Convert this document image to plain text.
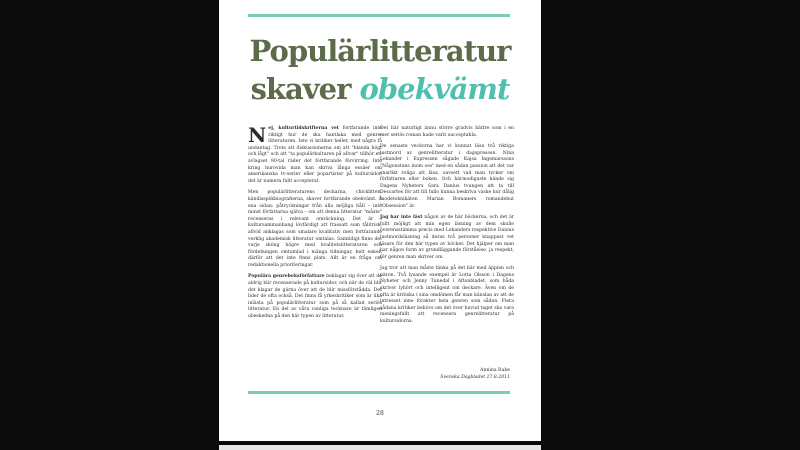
Populärlitteratur
skaver obekvämt

N ej, kulturtidskrifterna vet fortfarande inte riktigt hur de ska hantlaka med genre-litteraturen. Inte vi kritiker heller, med några få undantag. Trots att diskussionerna om att "blanda högt och lågt" och att "ta populärkulturen på allvar" tillhör ett avlagset 90-tal räder det fortfarande förvirring. Inte kring hurovida man kan skriva långa essäer om amerikanska tv-serier eller popartister på kultursidor, det är numera fullt accepterat.

Men populärlitteraturens deckarna, chicklitten, kändisspökbiografierna, skaver fortfarande obekvämt. Å ena sidan: påtryckningar från alla möjliga håll – inte minst författarna själva – om att denna litteratur "måste" recenseras i relevant omräckning. Det är i kultursammanhang lövfärdigt att frassatt som tålitrisk, allvid anklagas som smalare kvalitativ men fortfarande verklig akademisk litteratur omtalas. Samtidigt finns det varje sköng högre med kvalitetslitteraturen och fördelningen omtumlad i mänga tidningar, helt enkelt därför att det inte finns plats. Allt är en fråga om redaktionella prioriteringar.

Populära genreboksförfattare beklagar sig över att de aldrig blir recenserade på kultursidor, och när de väl blir det klagar de gärna över att de blir missförstådda. Det lider de ofta också. Det finns få yrkeskritiker som är lika inlästa på populärlitteratur som på så kallad seriös litteratur. En del av våra vanliga tecknare är tämligen obeskedna på den här typen av litteratur.

Det här naturligt ännu större gradvis bättre som i en mer seriös roman hade varit oacceptabla.

De senaste veckorna har vi kunnat läsa två riktiga lustmord av genrelitteratur i dagspressen. Nina Lekander i Expressen sågade Kajsa Ingemarssons "Någonstans inom oss" med en sådan passion att det var snarlikt roliga att läsa, oavsett vad man tycker om författaren eller boken. Och härmodigaste kände sig Dagens Nyheters Sara Danius tvungen att ta till Descartes för att till fullo kunna beskriva vaske hur dålig modetoknikäten Marian Bomaners romandebut "Obsession" är.

Jag har inte läst någon av de här böckerna, och det är fullt möjligt att min egen läsning av dem skulle överensstämma precis med Lekanders respektive Danius lustmordsläsning så deras två personer knappast vet läsare för den här typen av böcker. Det hjälper om man har någon form av grundläggande förståelse, ja respekt, för genren man skriver om.

Jag tror att man måste tänka på det här med äpplen och päron. Två lysande exempel är Lotta Olsson i Dagens Nyheter och Jenny Tunedal i Aftonbladet, som båda skriver lyhört och intelligent om deckare. Även om de ofta är kritiska i sina omdömen får man känslan av att de intresset inne förakter hela genren som sådan. Flera sådana kritiker behövs om det över huvud taget ska vara meningsfullt att recensera genrelitteratur på kultursidorna.

Annina Rabe
Svenska Dagbladet 27.8.2011
28
